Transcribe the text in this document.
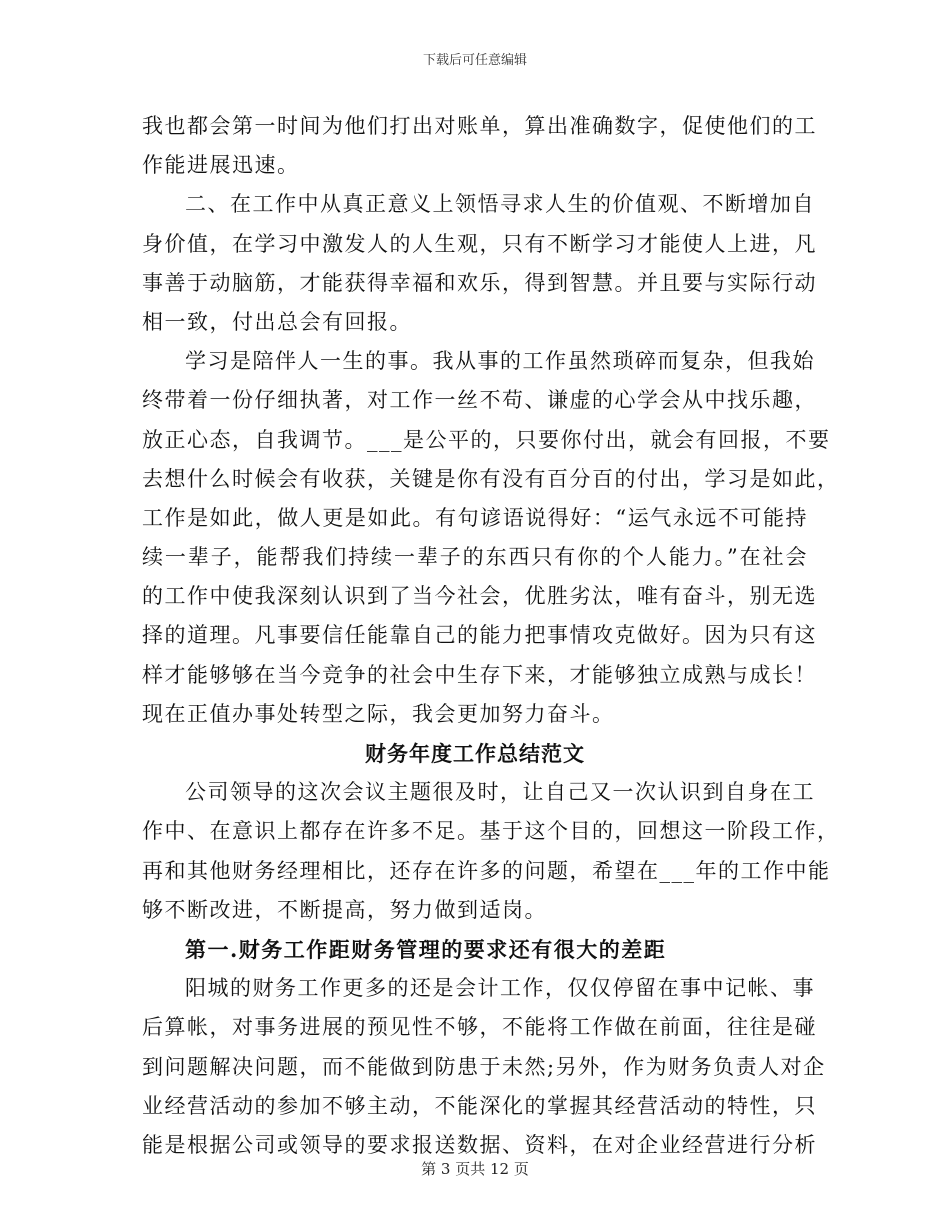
下载后可任意编辑
我也都会第一时间为他们打出对账单，算出准确数字，促使他们的工
作能进展迅速。
二、在工作中从真正意义上领悟寻求人生的价值观、不断增加自
身价值，在学习中激发人的人生观，只有不断学习才能使人上进，凡
事善于动脑筋，才能获得幸福和欢乐，得到智慧。并且要与实际行动
相一致，付出总会有回报。
学习是陪伴人一生的事。我从事的工作虽然琐碎而复杂，但我始
终带着一份仔细执著，对工作一丝不苟、谦虚的心学会从中找乐趣，
放正心态，自我调节。___是公平的，只要你付出，就会有回报，不要
去想什么时候会有收获，关键是你有没有百分百的付出，学习是如此，
工作是如此，做人更是如此。有句谚语说得好：“运气永远不可能持
续一辈子，能帮我们持续一辈子的东西只有你的个人能力。”在社会
的工作中使我深刻认识到了当今社会，优胜劣汰，唯有奋斗，别无选
择的道理。凡事要信任能靠自己的能力把事情攻克做好。因为只有这
样才能够够在当今竞争的社会中生存下来，才能够独立成熟与成长！
现在正值办事处转型之际，我会更加努力奋斗。
财务年度工作总结范文
公司领导的这次会议主题很及时，让自己又一次认识到自身在工
作中、在意识上都存在许多不足。基于这个目的，回想这一阶段工作，
再和其他财务经理相比，还存在许多的问题，希望在___年的工作中能
够不断改进，不断提高，努力做到适岗。
第一.财务工作距财务管理的要求还有很大的差距
阳城的财务工作更多的还是会计工作，仅仅停留在事中记帐、事
后算帐，对事务进展的预见性不够，不能将工作做在前面，往往是碰
到问题解决问题，而不能做到防患于未然;另外，作为财务负责人对企
业经营活动的参加不够主动，不能深化的掌握其经营活动的特性，只
能是根据公司或领导的要求报送数据、资料，在对企业经营进行分析
第 3 页共 12 页
